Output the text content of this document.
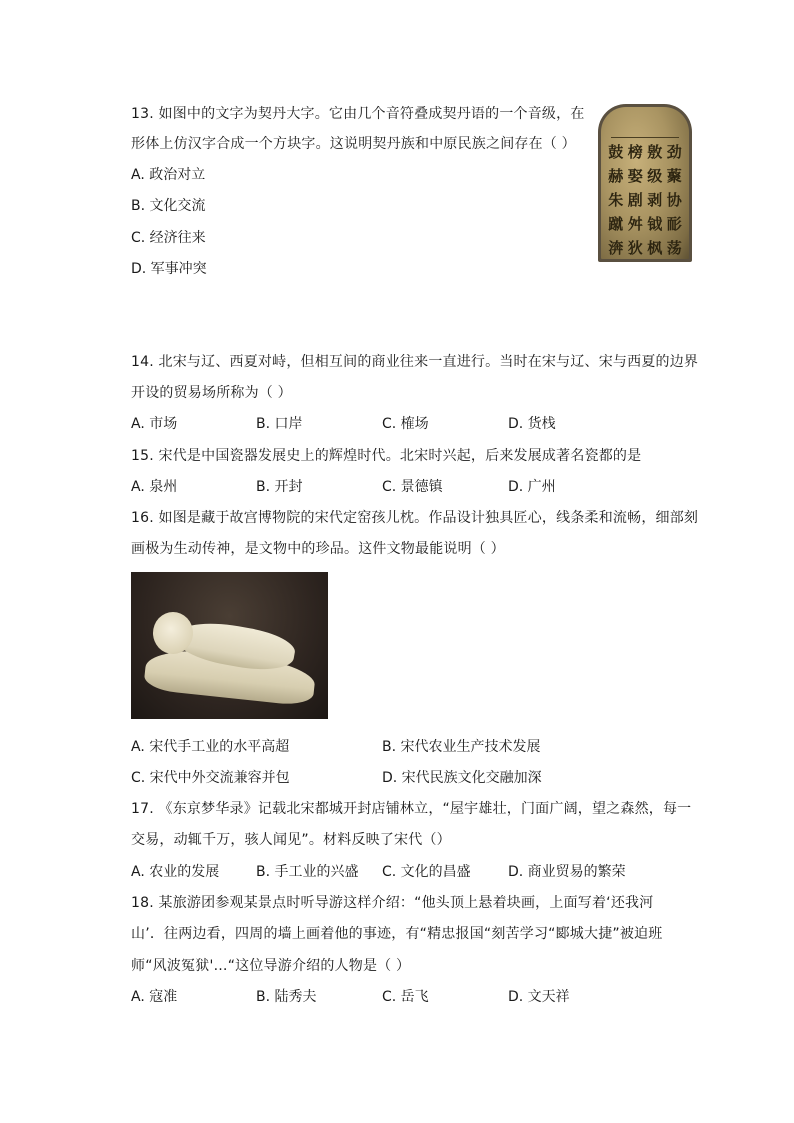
13. 如图中的文字为契丹大字。它由几个音符叠成契丹语的一个音级，在
形体上仿汉字合成一个方块字。这说明契丹族和中原民族之间存在（ ）
A. 政治对立
B. 文化交流
C. 经济往来
D. 军事冲突
鼓 榜 敫 劲
赫 娶 级 藂
朱 剧 剥 协
蹴 舛 钺 耏
渀 狄 枫 荡
14. 北宋与辽、西夏对峙，但相互间的商业往来一直进行。当时在宋与辽、宋与西夏的边界
开设的贸易场所称为（ ）
A. 市场	B. 口岸	C. 榷场	D. 货栈
15. 宋代是中国瓷器发展史上的辉煌时代。北宋时兴起，后来发展成著名瓷都的是
A. 泉州	B. 开封	C. 景德镇	D. 广州
16. 如图是藏于故宫博物院的宋代定窑孩儿枕。作品设计独具匠心，线条柔和流畅，细部刻
画极为生动传神，是文物中的珍品。这件文物最能说明（ ）
A. 宋代手工业的水平高超	B. 宋代农业生产技术发展
C. 宋代中外交流兼容并包	D. 宋代民族文化交融加深
17. 《东京梦华录》记载北宋都城开封店铺林立，“屋宇雄壮，门面广阔，望之森然，每一
交易，动辄千万，骇人闻见”。材料反映了宋代（）
A. 农业的发展	B. 手工业的兴盛 C. 文化的昌盛	D. 商业贸易的繁荣
18. 某旅游团参观某景点时听导游这样介绍：“他头顶上悬着块画，上面写着‘还我河
山’．往两边看，四周的墙上画着他的事迹，有“精忠报国“刻苦学习“郾城大捷”被迫班
师“风波冤狱'…“这位导游介绍的人物是（ ）
A. 寇准	B. 陆秀夫	C. 岳飞	D. 文天祥
